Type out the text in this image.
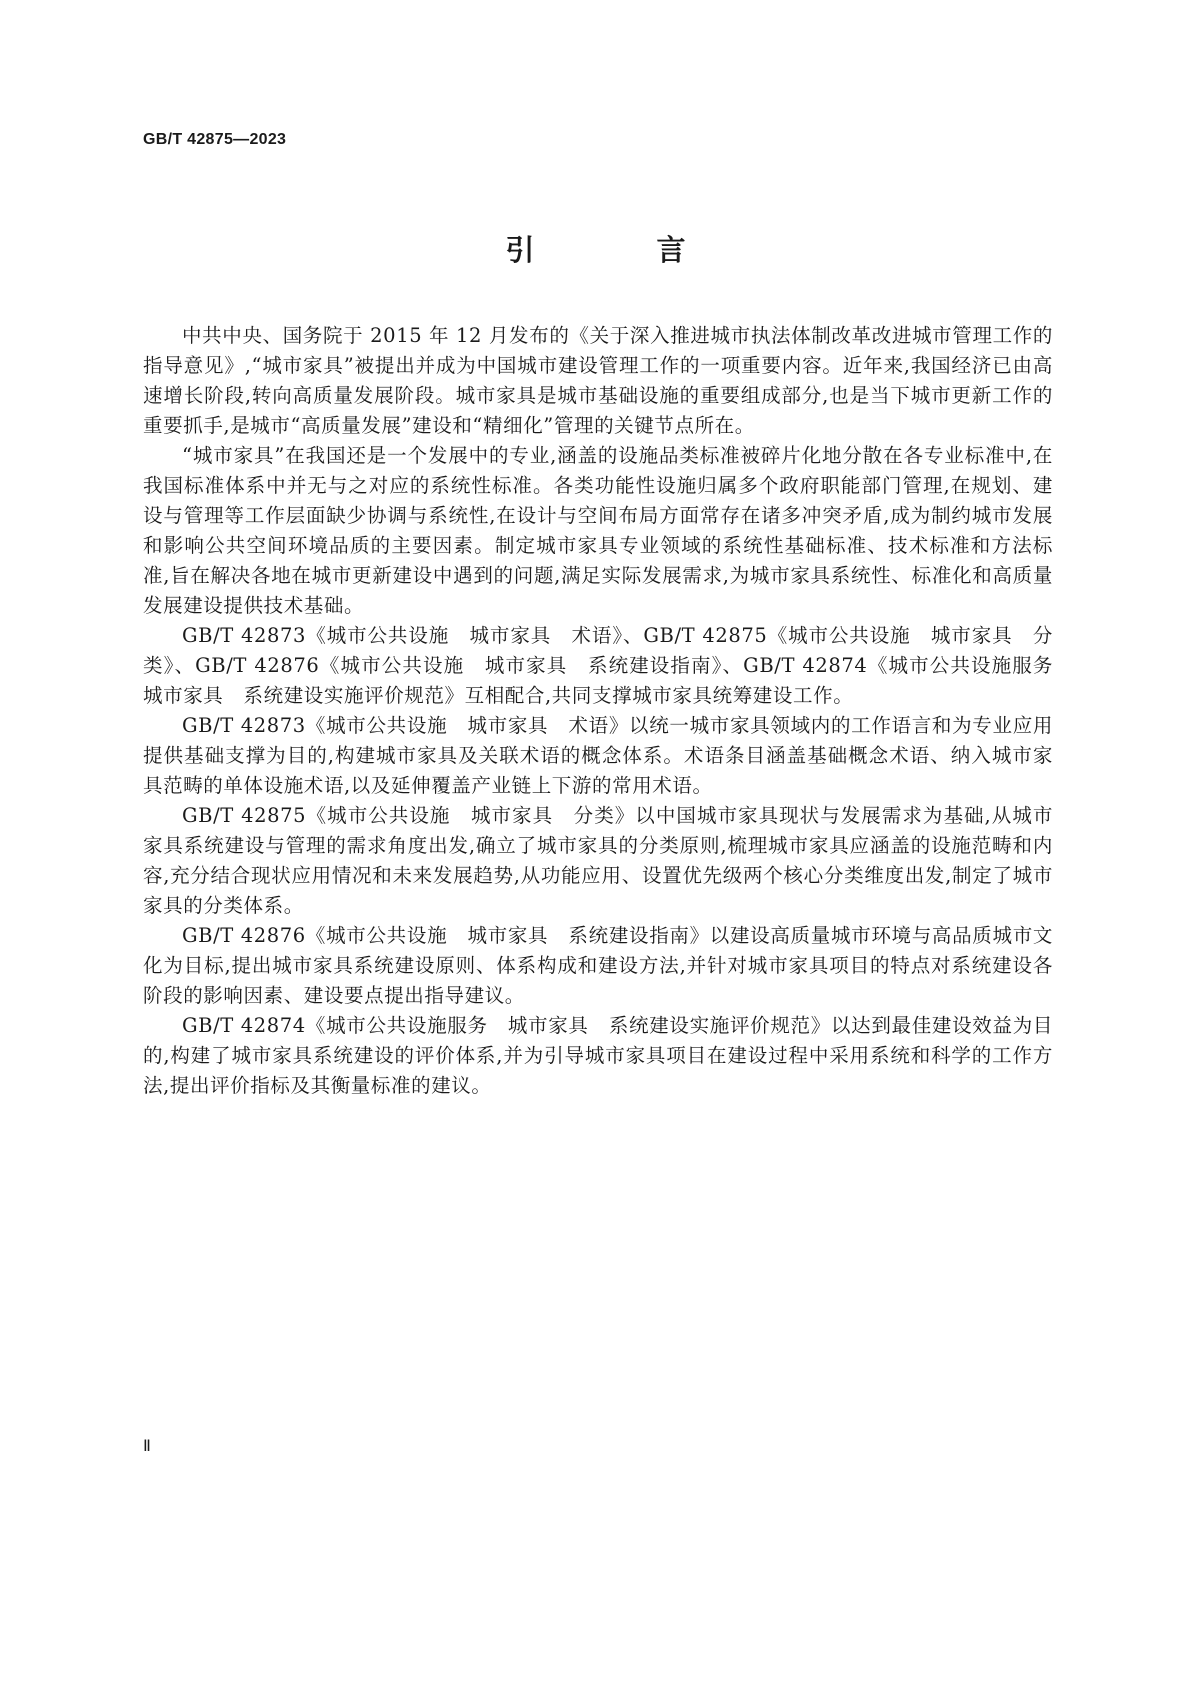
GB/T 42875—2023
引 言

中共中央、国务院于 2015 年 12 月发布的《关于深入推进城市执法体制改革改进城市管理工作的指导意见》,“城市家具”被提出并成为中国城市建设管理工作的一项重要内容。近年来,我国经济已由高速增长阶段,转向高质量发展阶段。城市家具是城市基础设施的重要组成部分,也是当下城市更新工作的重要抓手,是城市“高质量发展”建设和“精细化”管理的关键节点所在。

“城市家具”在我国还是一个发展中的专业,涵盖的设施品类标准被碎片化地分散在各专业标准中,在我国标准体系中并无与之对应的系统性标准。各类功能性设施归属多个政府职能部门管理,在规划、建设与管理等工作层面缺少协调与系统性,在设计与空间布局方面常存在诸多冲突矛盾,成为制约城市发展和影响公共空间环境品质的主要因素。制定城市家具专业领域的系统性基础标准、技术标准和方法标准,旨在解决各地在城市更新建设中遇到的问题,满足实际发展需求,为城市家具系统性、标准化和高质量发展建设提供技术基础。

GB/T 42873《城市公共设施　城市家具　术语》、GB/T 42875《城市公共设施　城市家具　分类》、GB/T 42876《城市公共设施　城市家具　系统建设指南》、GB/T 42874《城市公共设施服务　城市家具　系统建设实施评价规范》互相配合,共同支撑城市家具统筹建设工作。

GB/T 42873《城市公共设施　城市家具　术语》以统一城市家具领域内的工作语言和为专业应用提供基础支撑为目的,构建城市家具及关联术语的概念体系。术语条目涵盖基础概念术语、纳入城市家具范畴的单体设施术语,以及延伸覆盖产业链上下游的常用术语。

GB/T 42875《城市公共设施　城市家具　分类》以中国城市家具现状与发展需求为基础,从城市家具系统建设与管理的需求角度出发,确立了城市家具的分类原则,梳理城市家具应涵盖的设施范畴和内容,充分结合现状应用情况和未来发展趋势,从功能应用、设置优先级两个核心分类维度出发,制定了城市家具的分类体系。

GB/T 42876《城市公共设施　城市家具　系统建设指南》以建设高质量城市环境与高品质城市文化为目标,提出城市家具系统建设原则、体系构成和建设方法,并针对城市家具项目的特点对系统建设各阶段的影响因素、建设要点提出指导建议。

GB/T 42874《城市公共设施服务　城市家具　系统建设实施评价规范》以达到最佳建设效益为目的,构建了城市家具系统建设的评价体系,并为引导城市家具项目在建设过程中采用系统和科学的工作方法,提出评价指标及其衡量标准的建议。

Ⅱ
